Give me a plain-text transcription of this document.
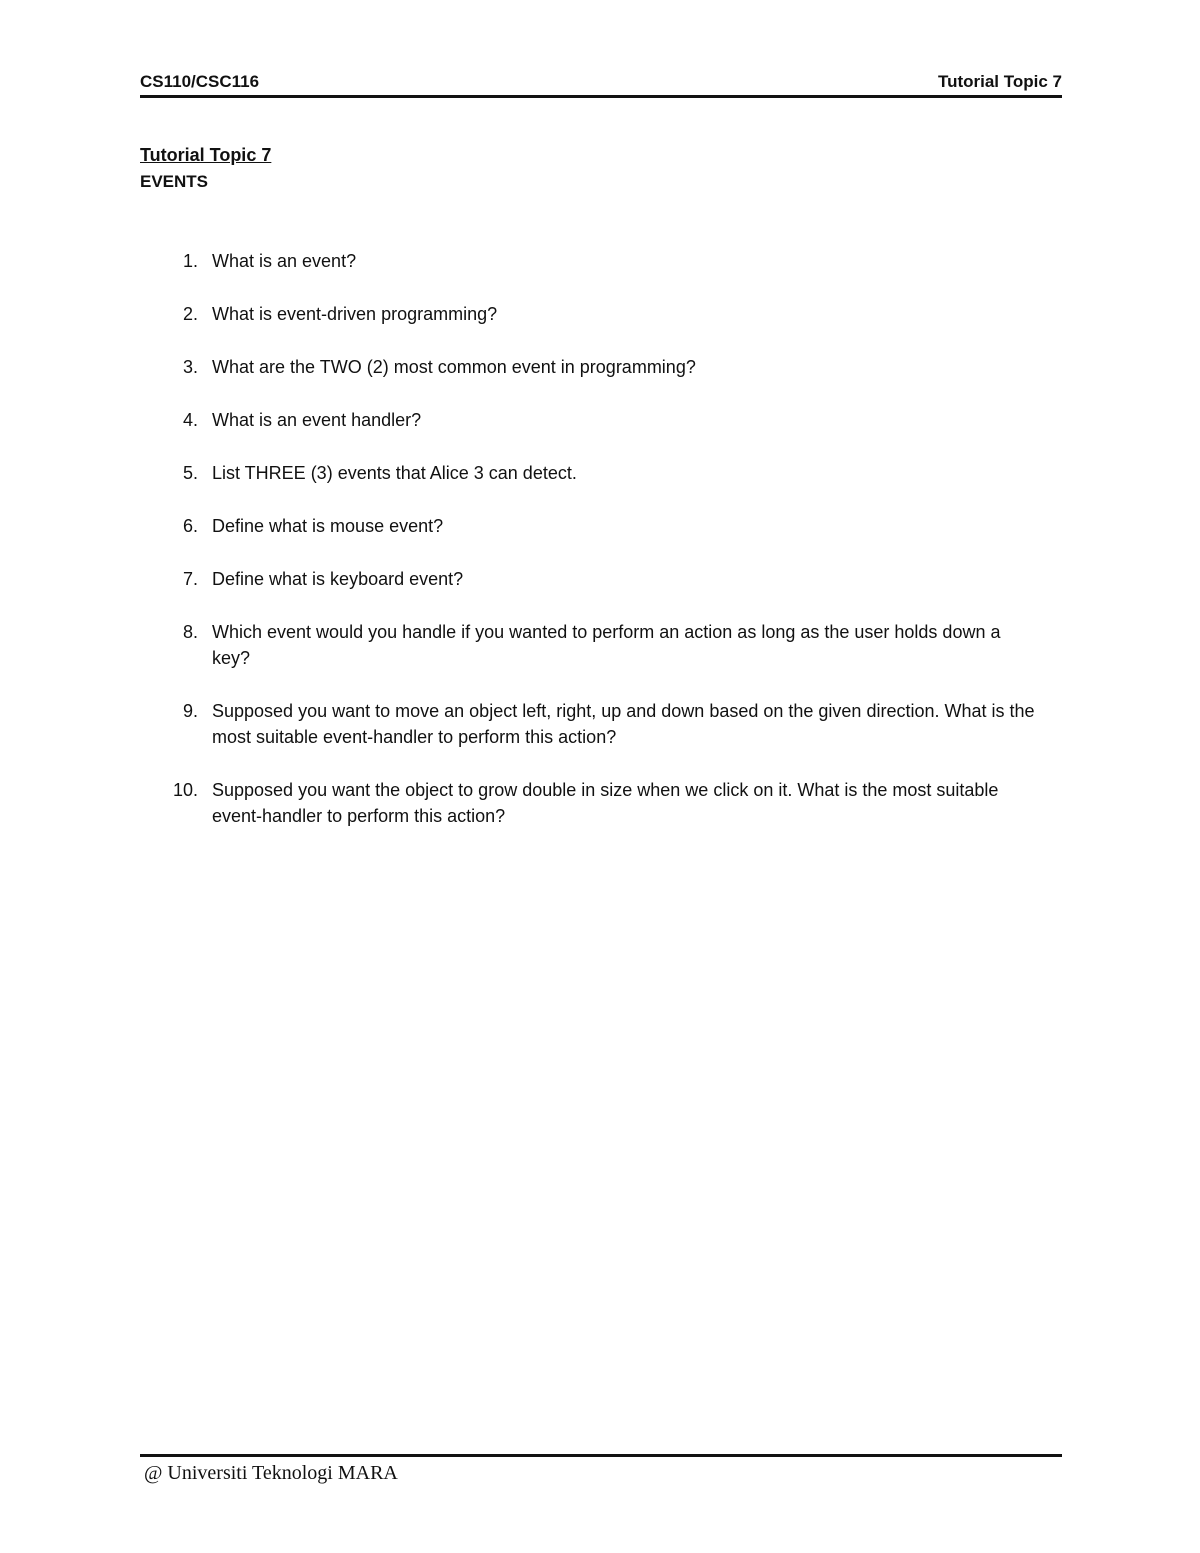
CS110/CSC116	Tutorial Topic 7
Tutorial Topic 7
EVENTS
1. What is an event?
2. What is event-driven programming?
3. What are the TWO (2) most common event in programming?
4. What is an event handler?
5. List THREE (3) events that Alice 3 can detect.
6. Define what is mouse event?
7. Define what is keyboard event?
8. Which event would you handle if you wanted to perform an action as long as the user holds down a key?
9. Supposed you want to move an object left, right, up and down based on the given direction. What is the most suitable event-handler to perform this action?
10. Supposed you want the object to grow double in size when we click on it. What is the most suitable event-handler to perform this action?
@ Universiti Teknologi MARA
